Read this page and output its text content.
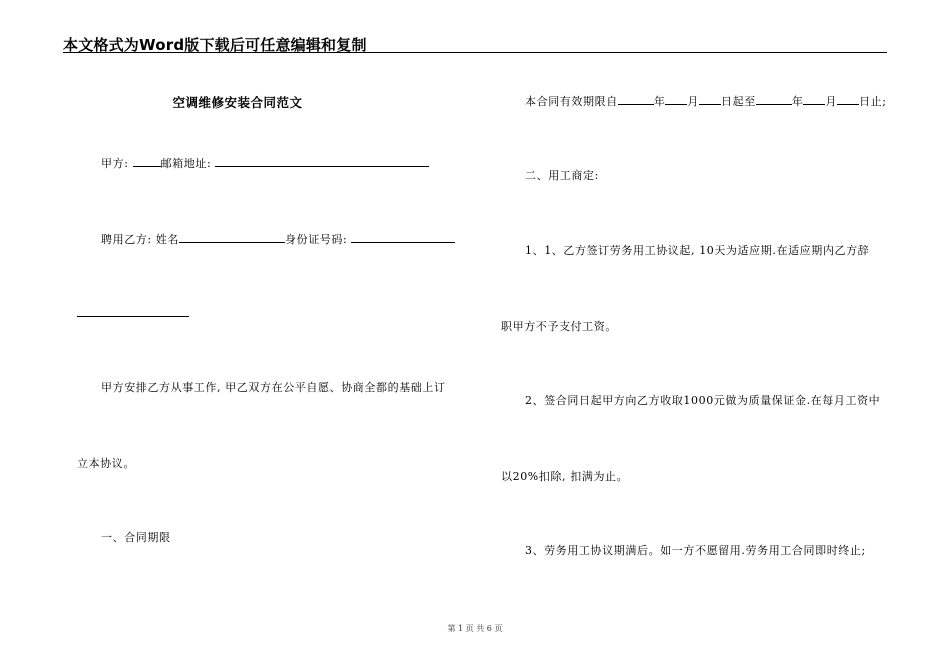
本文格式为Word版下载后可任意编辑和复制
空调维修安装合同范文
甲方:	邮箱地址:
聘用乙方: 姓名	身份证号码:
甲方安排乙方从事工作, 甲乙双方在公平自愿、协商全都的基础上订
立本协议。
一、合同期限
本合同有效期限自	年 月 日起至	年 月 日止;
二、用工商定:
1、1、乙方签订劳务用工协议起, 10天为适应期.在适应期内乙方辞
职甲方不予支付工资。
2、签合同日起甲方向乙方收取1000元做为质量保证金.在每月工资中
以20%扣除, 扣满为止。
3、劳务用工协议期满后。如一方不愿留用.劳务用工合同即时终止;
第 1 页 共 6 页
